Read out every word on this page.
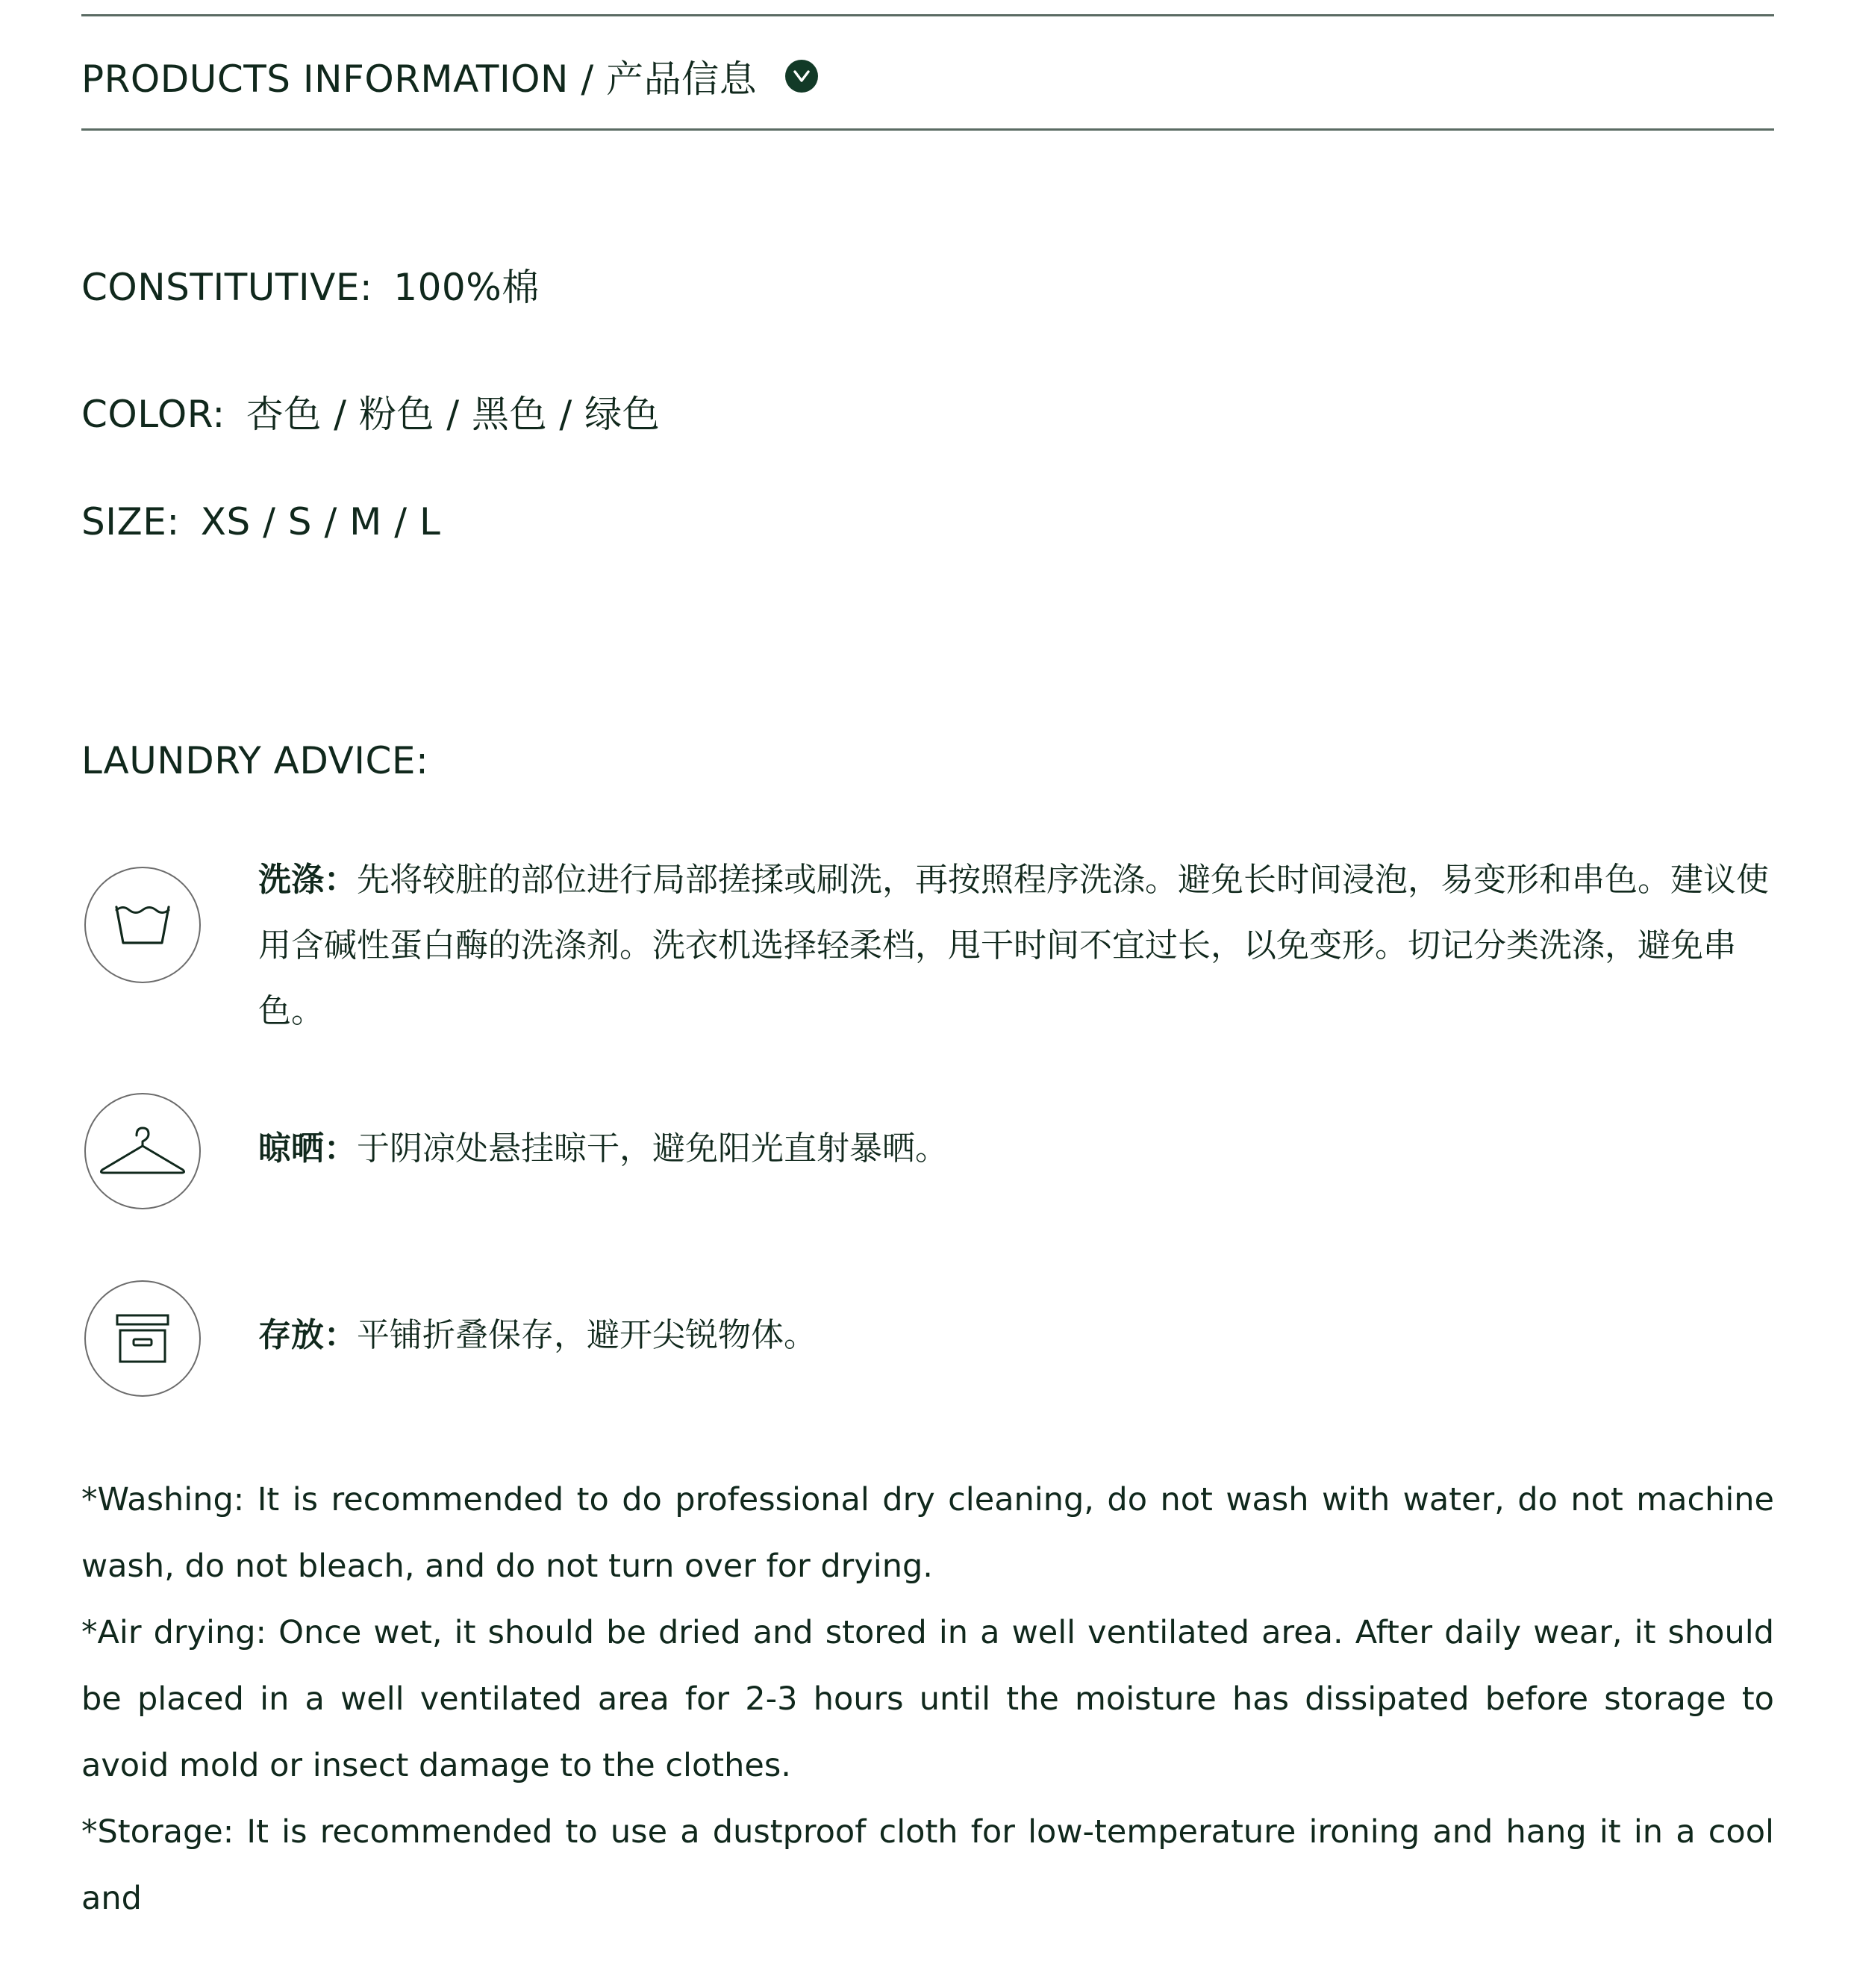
PRODUCTS INFORMATION / 产品信息
CONSTITUTIVE: 100%棉
COLOR: 杏色 / 粉色 / 黑色 / 绿色
SIZE: XS / S / M / L
LAUNDRY ADVICE:
洗涤：先将较脏的部位进行局部搓揉或刷洗，再按照程序洗涤。避免长时间浸泡，易变形和串色。建议使用含碱性蛋白酶的洗涤剂。洗衣机选择轻柔档，甩干时间不宜过长，以免变形。切记分类洗涤，避免串色。
晾晒：于阴凉处悬挂晾干，避免阳光直射暴晒。
存放：平铺折叠保存，避开尖锐物体。

*Washing: It is recommended to do professional dry cleaning, do not wash with water, do not machine wash, do not bleach, and do not turn over for drying.

*Air drying: Once wet, it should be dried and stored in a well ventilated area. After daily wear, it should be placed in a well ventilated area for 2-3 hours until the moisture has dissipated before storage to avoid mold or insect damage to the clothes.

*Storage: It is recommended to use a dustproof cloth for low-temperature ironing and hang it in a cool and
